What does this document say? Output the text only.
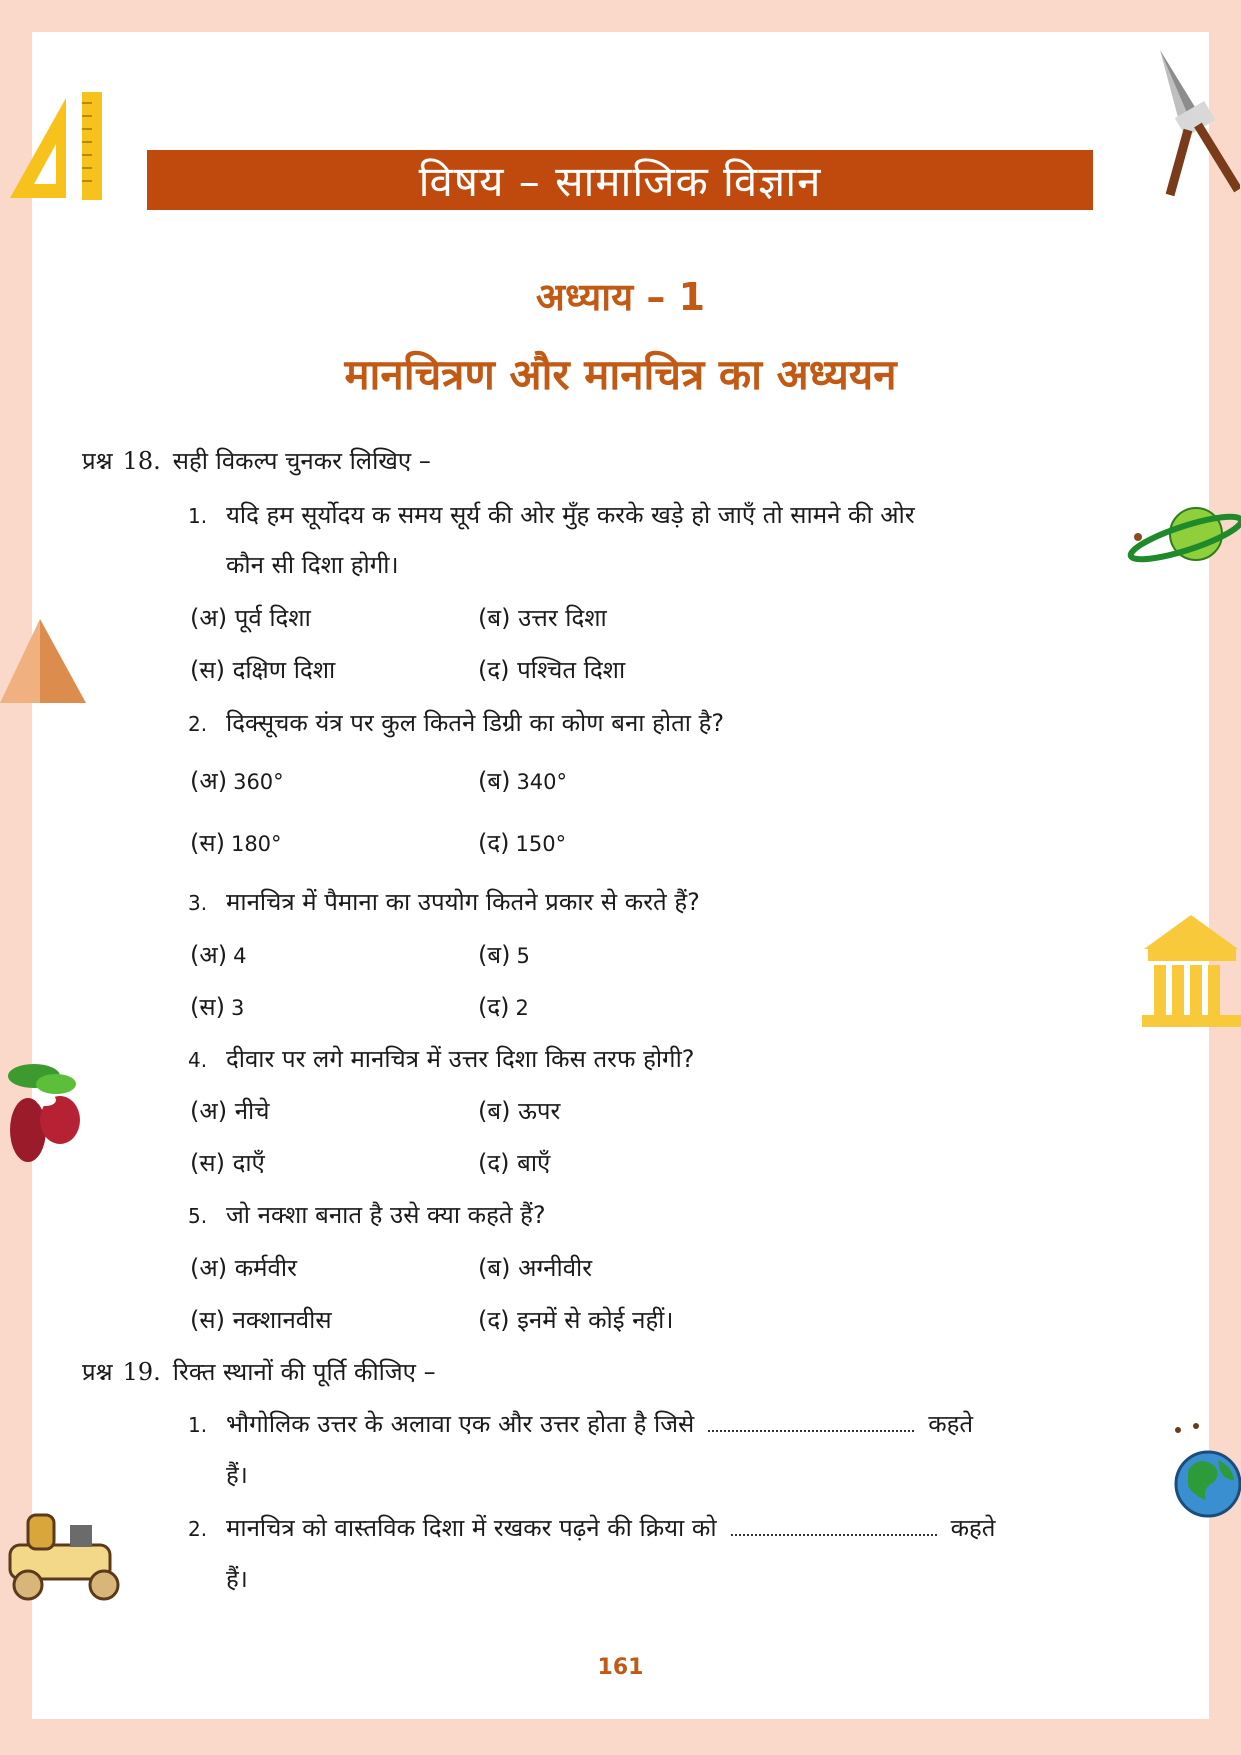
विषय – सामाजिक विज्ञान
अध्याय – 1
मानचित्रण और मानचित्र का अध्ययन
प्रश्न 18. सही विकल्प चुनकर लिखिए –
1. यदि हम सूर्योदय क समय सूर्य की ओर मुँह करके खड़े हो जाएँ तो सामने की ओर
कौन सी दिशा होगी।
(अ) पूर्व दिशा	(ब) उत्तर दिशा
(स) दक्षिण दिशा	(द) पश्चित दिशा
2. दिक्सूचक यंत्र पर कुल कितने डिग्री का कोण बना होता है?
(अ) 360°	(ब) 340°
(स) 180°	(द) 150°
3. मानचित्र में पैमाना का उपयोग कितने प्रकार से करते हैं?
(अ) 4	(ब) 5
(स) 3	(द) 2
4. दीवार पर लगे मानचित्र में उत्तर दिशा किस तरफ होगी?
(अ) नीचे	(ब) ऊपर
(स) दाएँ	(द) बाएँ
5. जो नक्शा बनात है उसे क्या कहते हैं?
(अ) कर्मवीर	(ब) अग्नीवीर
(स) नक्शानवीस	(द) इनमें से कोई नहीं।
प्रश्न 19. रिक्त स्थानों की पूर्ति कीजिए –
1. भौगोलिक उत्तर के अलावा एक और उत्तर होता है जिसे	कहते
हैं।
2. मानचित्र को वास्तविक दिशा में रखकर पढ़ने की क्रिया को	कहते
हैं।
161
